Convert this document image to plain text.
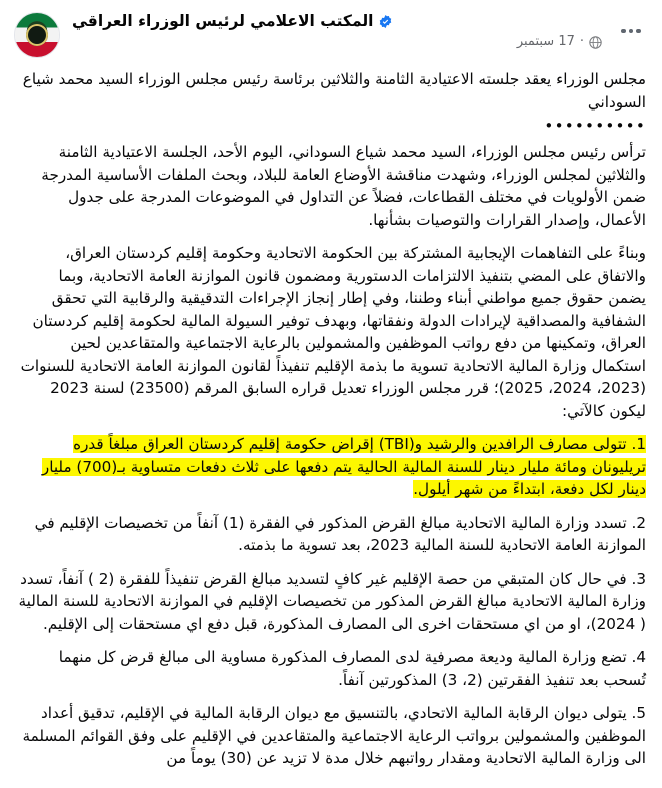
المكتب الاعلامي لرئيس الوزراء العراقي
17 سبتمبر ·

مجلس الوزراء يعقد جلسته الاعتيادية الثامنة والثلاثين برئاسة رئيس مجلس الوزراء السيد محمد شياع السوداني

••••••••••

ترأس رئيس مجلس الوزراء، السيد محمد شياع السوداني، اليوم الأحد، الجلسة الاعتيادية الثامنة والثلاثين لمجلس الوزراء، وشهدت مناقشة الأوضاع العامة للبلاد، وبحث الملفات الأساسية المدرجة ضمن الأولويات في مختلف القطاعات، فضلاً عن التداول في الموضوعات المدرجة على جدول الأعمال، وإصدار القرارات والتوصيات بشأنها.

وبناءً على التفاهمات الإيجابية المشتركة بين الحكومة الاتحادية وحكومة إقليم كردستان العراق، والاتفاق على المضي بتنفيذ الالتزامات الدستورية ومضمون قانون الموازنة العامة الاتحادية، وبما يضمن حقوق جميع مواطني أبناء وطننا، وفي إطار إنجاز الإجراءات التدقيقية والرقابية التي تحقق الشفافية والمصداقية لإيرادات الدولة ونفقاتها، وبهدف توفير السيولة المالية لحكومة إقليم كردستان العراق، وتمكينها من دفع رواتب الموظفين والمشمولين بالرعاية الاجتماعية والمتقاعدين لحين استكمال وزارة المالية الاتحادية تسوية ما بذمة الإقليم تنفيذاً لقانون الموازنة العامة الاتحادية للسنوات (2023، 2024، 2025)؛ قرر مجلس الوزراء تعديل قراره السابق المرقم (23500) لسنة 2023 ليكون كالآتي:

1. تتولى مصارف الرافدين والرشيد و(TBI) إقراض حكومة إقليم كردستان العراق مبلغاً قدره تريليونان ومائة مليار دينار للسنة المالية الحالية يتم دفعها على ثلاث دفعات متساوية بـ(700) مليار دينار لكل دفعة، ابتداءً من شهر أيلول.

2. تسدد وزارة المالية الاتحادية مبالغ القرض المذكور في الفقرة (1) آنفاً من تخصيصات الإقليم في الموازنة العامة الاتحادية للسنة المالية 2023، بعد تسوية ما بذمته.

3. في حال كان المتبقي من حصة الإقليم غير كافٍ لتسديد مبالغ القرض تنفيذاً للفقرة (2 ) آنفاً، تسدد وزارة المالية الاتحادية مبالغ القرض المذكور من تخصيصات الإقليم في الموازنة الاتحادية للسنة المالية ( 2024)، او من اي مستحقات اخرى الى المصارف المذكورة، قبل دفع اي مستحقات إلى الإقليم.

4. تضع وزارة المالية وديعة مصرفية لدى المصارف المذكورة مساوية الى مبالغ قرض كل منهما تُسحب بعد تنفيذ الفقرتين (2، 3) المذكورتين آنفاً.

5. يتولى ديوان الرقابة المالية الاتحادي، بالتنسيق مع ديوان الرقابة المالية في الإقليم، تدقيق أعداد الموظفين والمشمولين برواتب الرعاية الاجتماعية والمتقاعدين في الإقليم على وفق القوائم المسلمة الى وزارة المالية الاتحادية ومقدار رواتبهم خلال مدة لا تزيد عن (30) يوماً من
